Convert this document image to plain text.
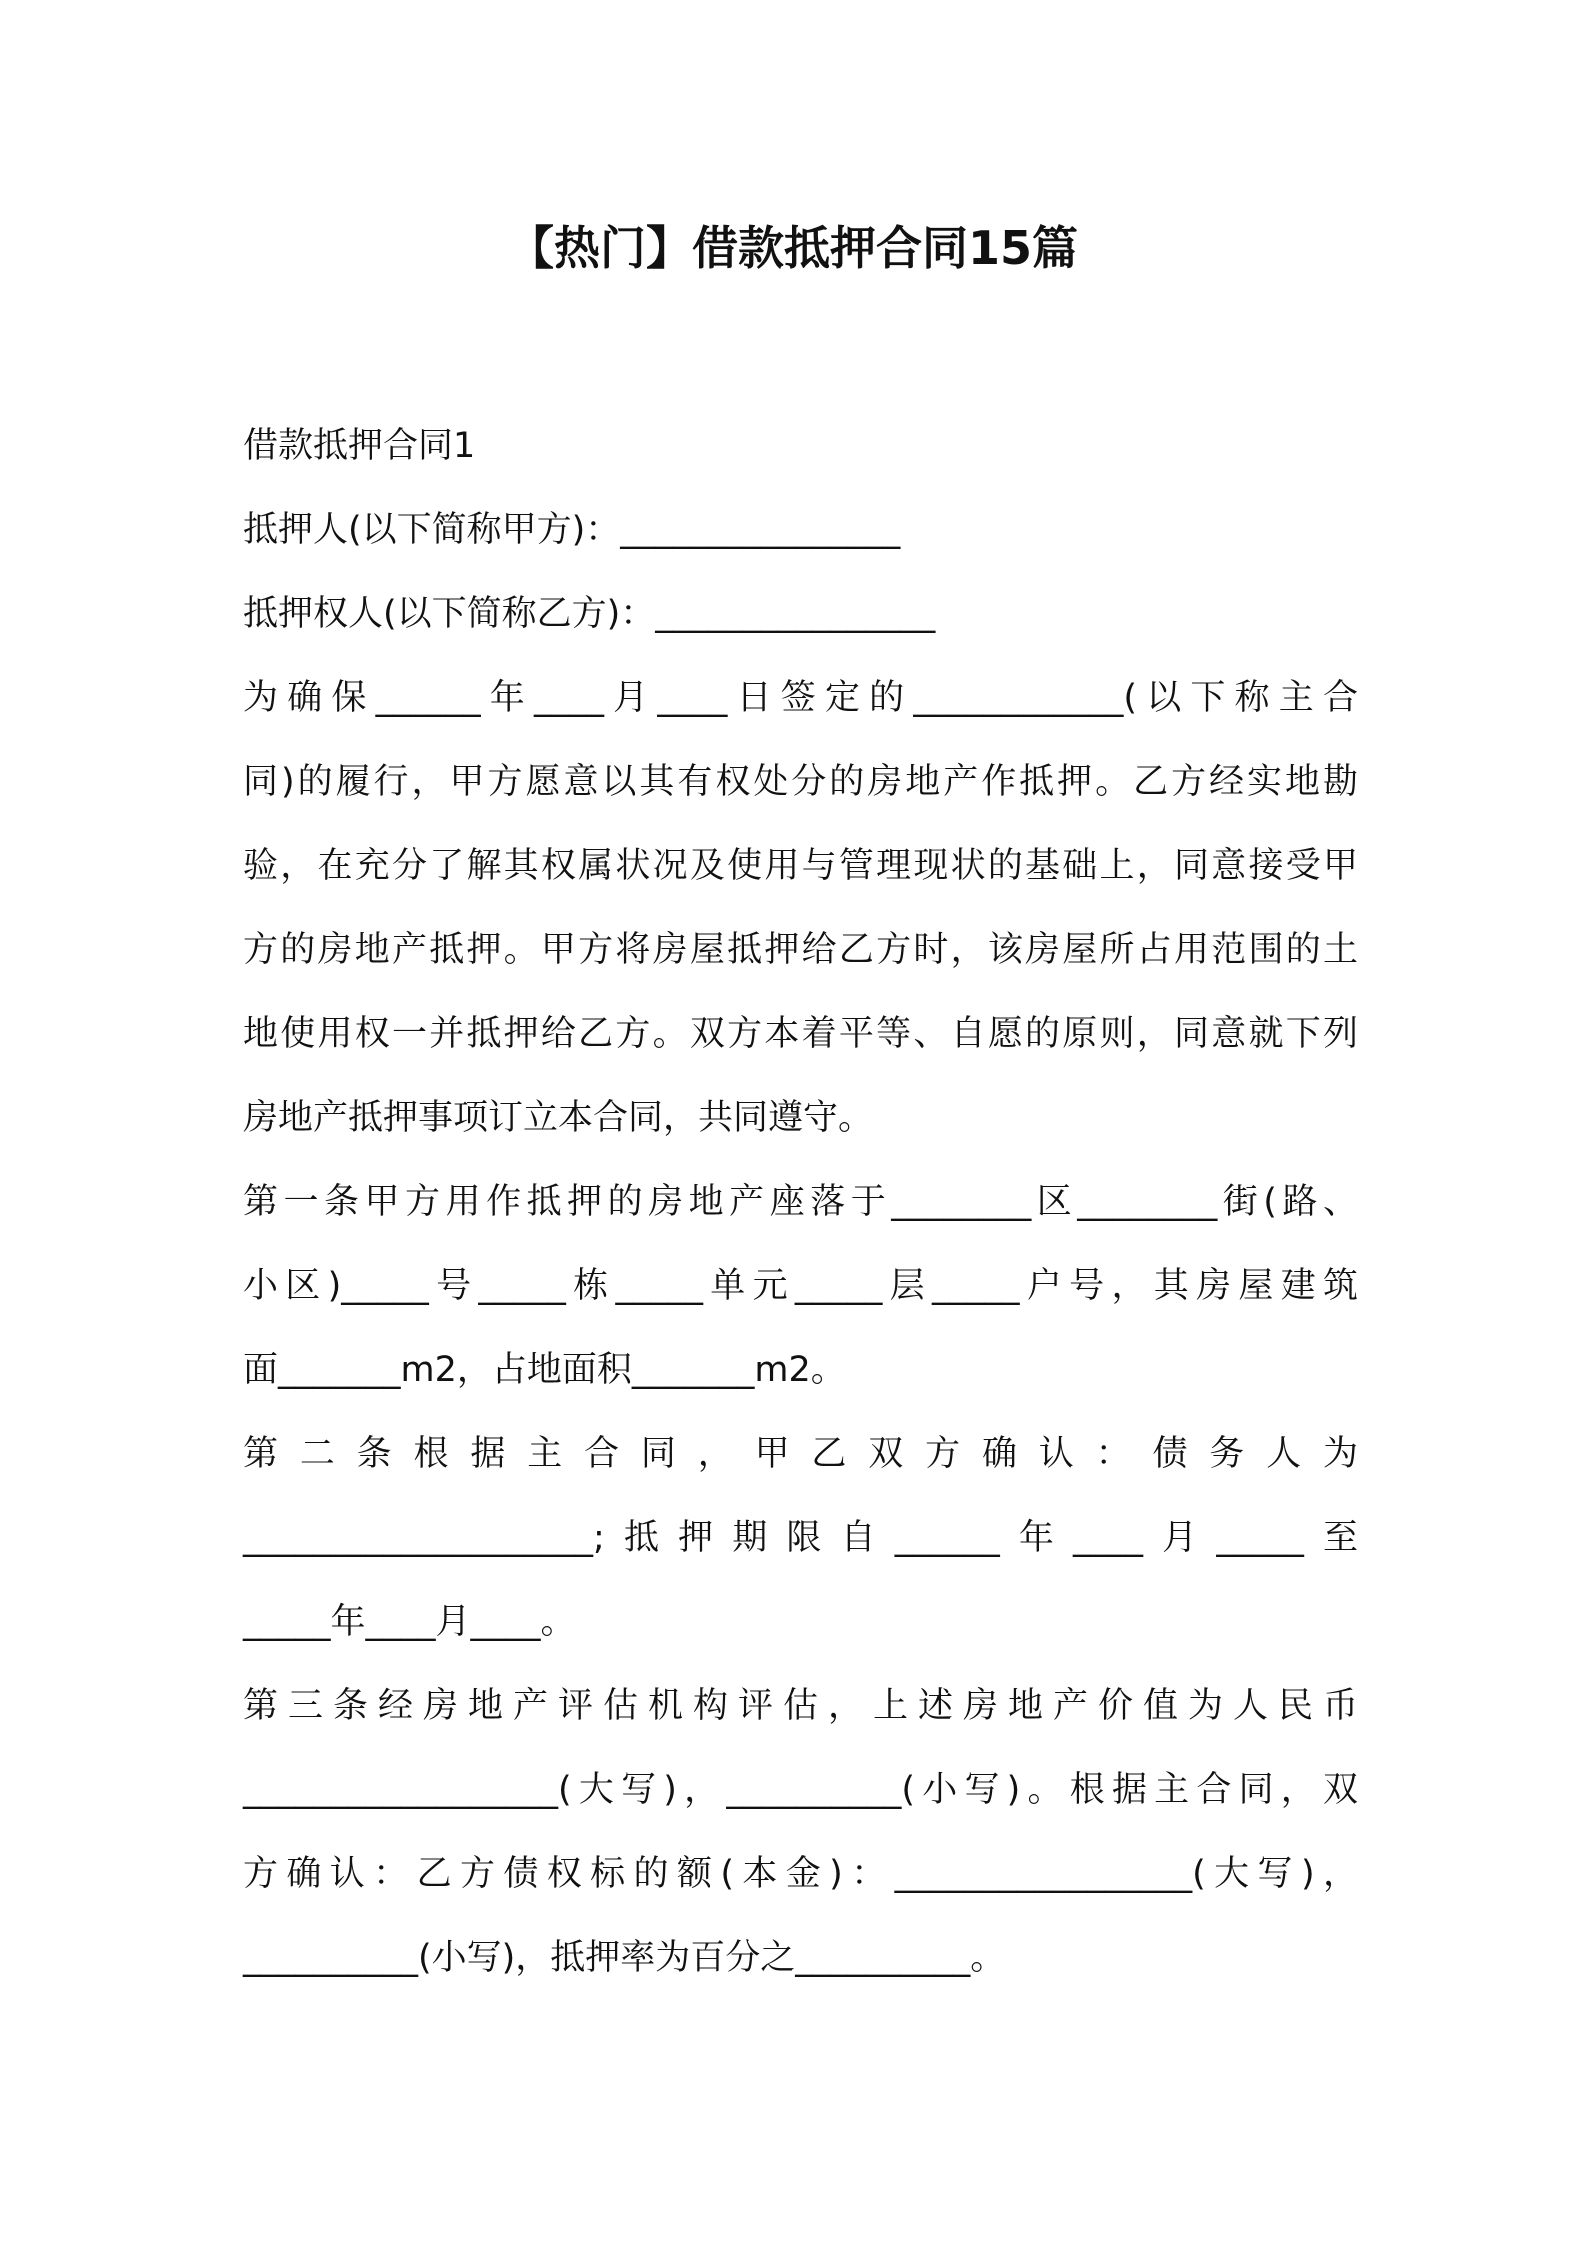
【热门】借款抵押合同15篇
借款抵押合同1
抵押人(以下简称甲方)：________________
抵押权人(以下简称乙方)：________________
为确保______年____月____日签定的____________(以下称主合
同)的履行，甲方愿意以其有权处分的房地产作抵押。乙方经实地勘
验，在充分了解其权属状况及使用与管理现状的基础上，同意接受甲
方的房地产抵押。甲方将房屋抵押给乙方时，该房屋所占用范围的土
地使用权一并抵押给乙方。双方本着平等、自愿的原则，同意就下列
房地产抵押事项订立本合同，共同遵守。
第一条甲方用作抵押的房地产座落于________区________街(路、
小区)_____号_____栋_____单元_____层_____户号，其房屋建筑
面_______m2，占地面积_______m2。
第二条根据主合同，甲乙双方确认：债务人为
____________________;抵押期限自______年____月_____至
_____年____月____。
第三条经房地产评估机构评估，上述房地产价值为人民币
__________________(大写)，__________(小写)。根据主合同，双
方确认：乙方债权标的额(本金)：_________________(大写)，
__________(小写)，抵押率为百分之__________。
